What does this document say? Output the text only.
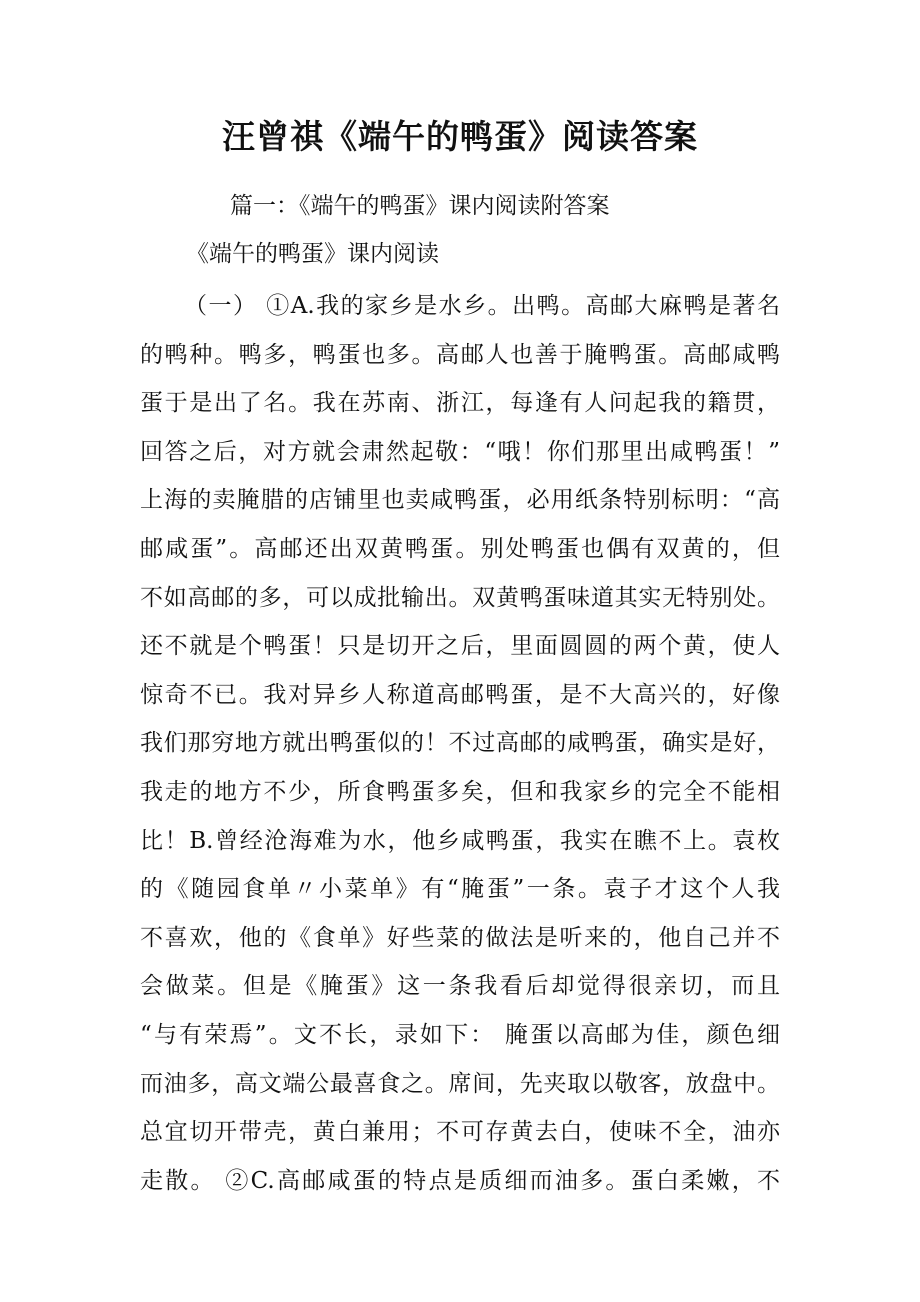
汪曾祺《端午的鸭蛋》阅读答案
篇一：《端午的鸭蛋》课内阅读附答案
《端午的鸭蛋》课内阅读
（一） ①A.我的家乡是水乡。出鸭。高邮大麻鸭是著名
的鸭种。鸭多，鸭蛋也多。高邮人也善于腌鸭蛋。高邮咸鸭
蛋于是出了名。我在苏南、浙江，每逢有人问起我的籍贯，
回答之后，对方就会肃然起敬：“哦！你们那里出咸鸭蛋！”
上海的卖腌腊的店铺里也卖咸鸭蛋，必用纸条特别标明：“高
邮咸蛋”。高邮还出双黄鸭蛋。别处鸭蛋也偶有双黄的，但
不如高邮的多，可以成批输出。双黄鸭蛋味道其实无特别处。
还不就是个鸭蛋！只是切开之后，里面圆圆的两个黄，使人
惊奇不已。我对异乡人称道高邮鸭蛋，是不大高兴的，好像
我们那穷地方就出鸭蛋似的！不过高邮的咸鸭蛋，确实是好，
我走的地方不少，所食鸭蛋多矣，但和我家乡的完全不能相
比！B.曾经沧海难为水，他乡咸鸭蛋，我实在瞧不上。袁枚
的《随园食单〃小菜单》有“腌蛋”一条。袁子才这个人我
不喜欢，他的《食单》好些菜的做法是听来的，他自己并不
会做菜。但是《腌蛋》这一条我看后却觉得很亲切，而且
“与有荣焉”。文不长，录如下： 腌蛋以高邮为佳，颜色细
而油多，高文端公最喜食之。席间，先夹取以敬客，放盘中。
总宜切开带壳，黄白兼用；不可存黄去白，使味不全，油亦
走散。 ②C.高邮咸蛋的特点是质细而油多。蛋白柔嫩，不
